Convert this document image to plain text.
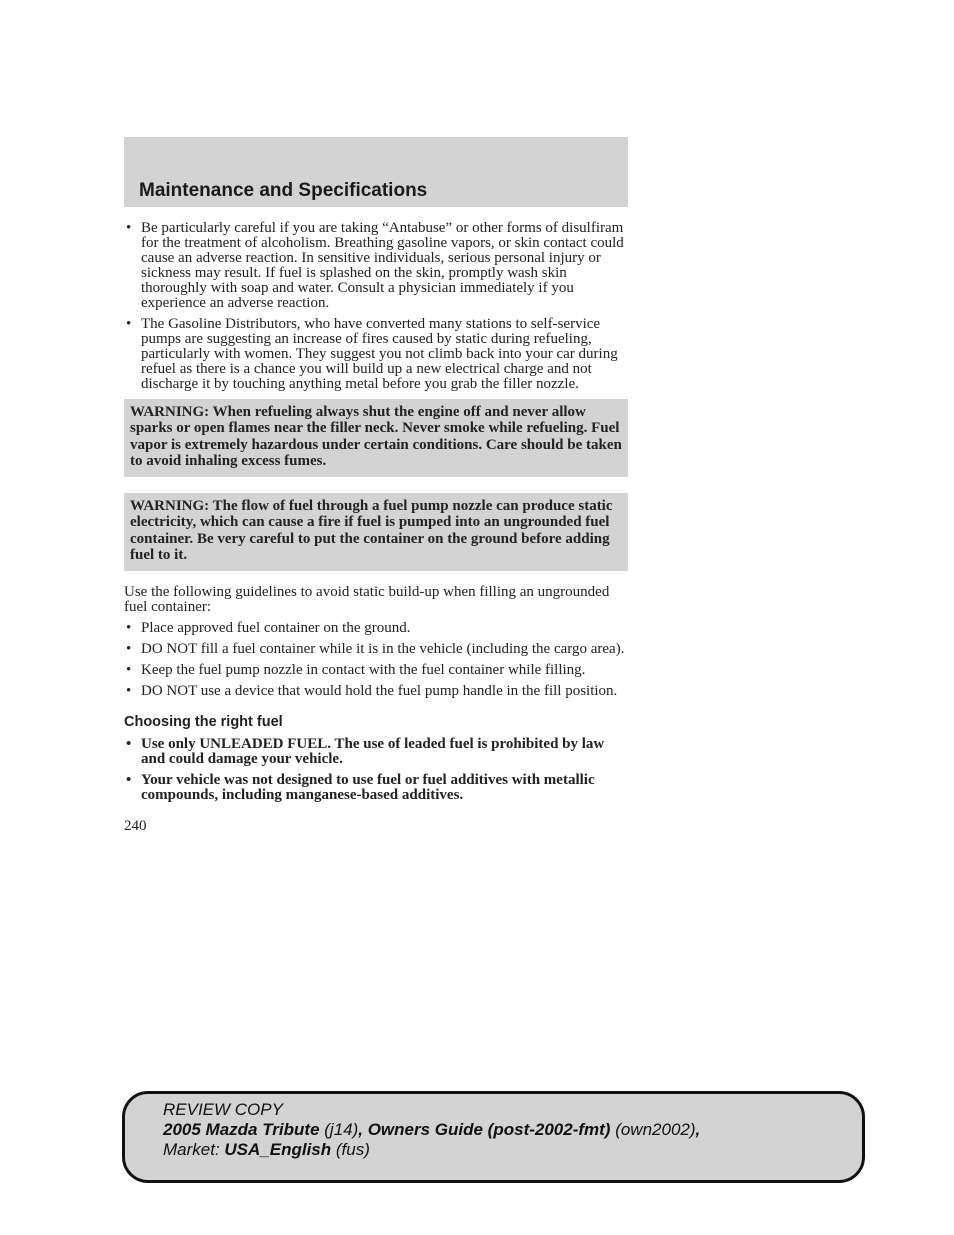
Maintenance and Specifications
• Be particularly careful if you are taking “Antabuse” or other forms of disulfiram for the treatment of alcoholism. Breathing gasoline vapors, or skin contact could cause an adverse reaction. In sensitive individuals, serious personal injury or sickness may result. If fuel is splashed on the skin, promptly wash skin thoroughly with soap and water. Consult a physician immediately if you experience an adverse reaction.
• The Gasoline Distributors, who have converted many stations to self-service pumps are suggesting an increase of fires caused by static during refueling, particularly with women. They suggest you not climb back into your car during refuel as there is a chance you will build up a new electrical charge and not discharge it by touching anything metal before you grab the filler nozzle.
WARNING: When refueling always shut the engine off and never allow sparks or open flames near the filler neck. Never smoke while refueling. Fuel vapor is extremely hazardous under certain conditions. Care should be taken to avoid inhaling excess fumes.
WARNING: The flow of fuel through a fuel pump nozzle can produce static electricity, which can cause a fire if fuel is pumped into an ungrounded fuel container. Be very careful to put the container on the ground before adding fuel to it.

Use the following guidelines to avoid static build-up when filling an ungrounded fuel container:

• Place approved fuel container on the ground.
• DO NOT fill a fuel container while it is in the vehicle (including the cargo area).
• Keep the fuel pump nozzle in contact with the fuel container while filling.
• DO NOT use a device that would hold the fuel pump handle in the fill position.
Choosing the right fuel
• Use only UNLEADED FUEL. The use of leaded fuel is prohibited by law and could damage your vehicle.
• Your vehicle was not designed to use fuel or fuel additives with metallic compounds, including manganese-based additives.
240
REVIEW COPY
2005 Mazda Tribute (j14), Owners Guide (post-2002-fmt) (own2002),
Market: USA_English (fus)
